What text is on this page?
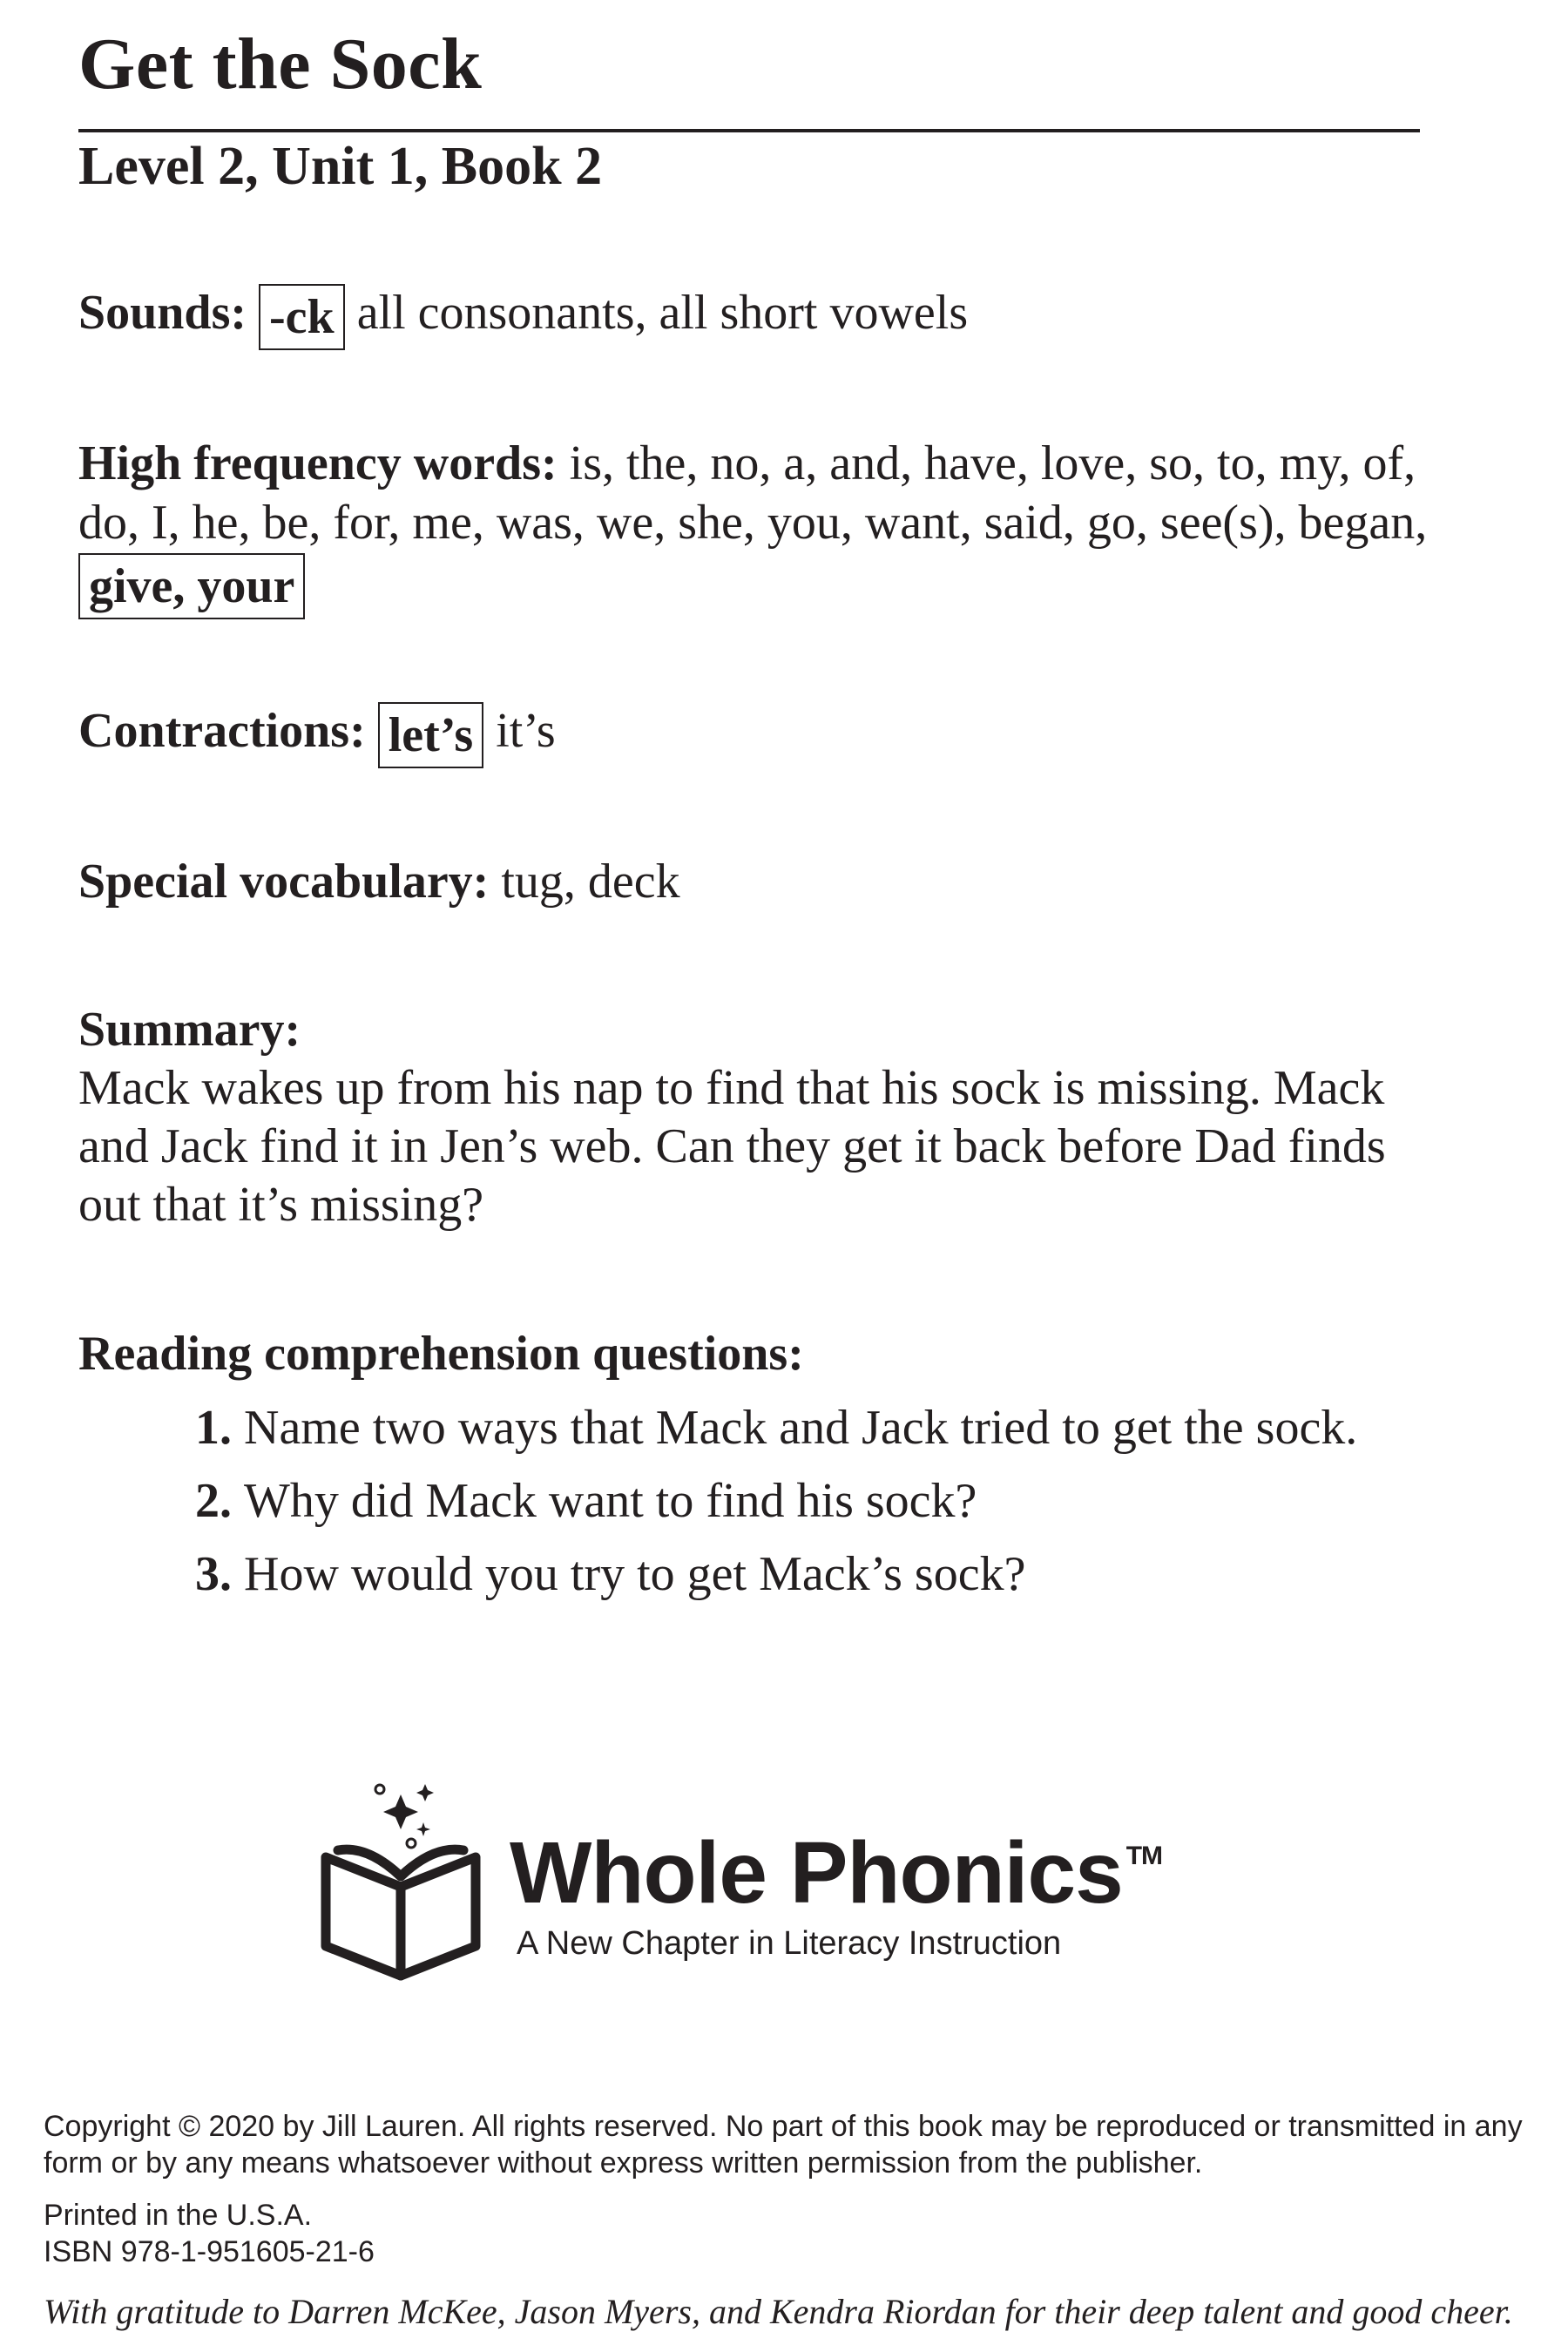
Get the Sock
Level 2, Unit 1, Book 2
Sounds: -ck all consonants, all short vowels
High frequency words: is, the, no, a, and, have, love, so, to, my, of, do, I, he, be, for, me, was, we, she, you, want, said, go, see(s), began, give, your
Contractions: let’s it’s
Special vocabulary: tug, deck
Summary:
Mack wakes up from his nap to find that his sock is missing. Mack and Jack find it in Jen’s web. Can they get it back before Dad finds out that it’s missing?
Reading comprehension questions:
1. Name two ways that Mack and Jack tried to get the sock.
2. Why did Mack want to find his sock?
3. How would you try to get Mack’s sock?
Whole Phonics ™
A New Chapter in Literacy Instruction
Copyright © 2020 by Jill Lauren. All rights reserved. No part of this book may be reproduced or transmitted in any form or by any means whatsoever without express written permission from the publisher.
Printed in the U.S.A.
ISBN 978-1-951605-21-6
With gratitude to Darren McKee, Jason Myers, and Kendra Riordan for their deep talent and good cheer.
